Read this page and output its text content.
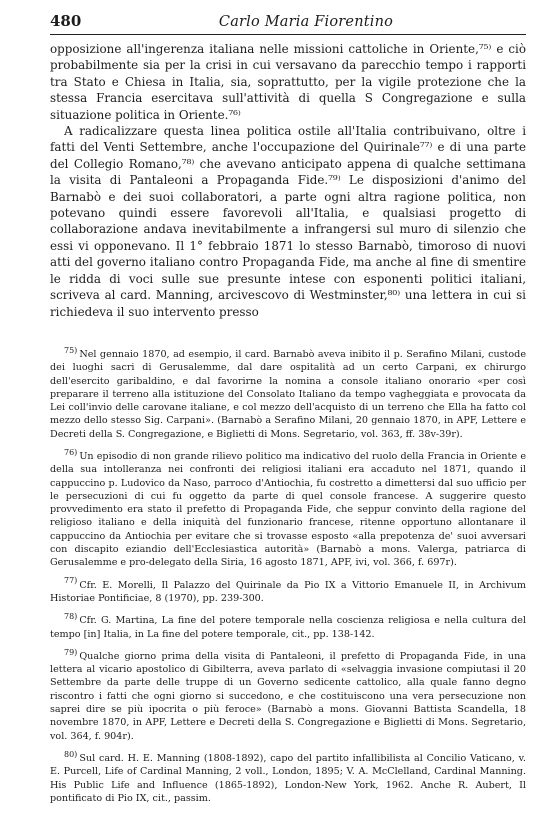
480	Carlo Maria Fiorentino

opposizione all'ingerenza italiana nelle missioni cattoliche in Oriente,⁷⁵⁾ e ciò probabilmente sia per la crisi in cui versavano da parecchio tempo i rapporti tra Stato e Chiesa in Italia, sia, soprattutto, per la vigile protezione che la stessa Francia esercitava sull'attività di quella S Congregazione e sulla situazione politica in Oriente.⁷⁶⁾

A radicalizzare questa linea politica ostile all'Italia contribuivano, oltre i fatti del Venti Settembre, anche l'occupazione del Quirinale⁷⁷⁾ e di una parte del Collegio Romano,⁷⁸⁾ che avevano anticipato appena di qualche settimana la visita di Pantaleoni a Propaganda Fide.⁷⁹⁾ Le disposizioni d'animo del Barnabò e dei suoi collaboratori, a parte ogni altra ragione politica, non potevano quindi essere favorevoli all'Italia, e qualsiasi progetto di collaborazione andava inevitabilmente a infrangersi sul muro di silenzio che essi vi opponevano. Il 1° febbraio 1871 lo stesso Barnabò, timoroso di nuovi atti del governo italiano contro Propaganda Fide, ma anche al fine di smentire le ridda di voci sulle sue presunte intese con esponenti politici italiani, scriveva al card. Manning, arcivescovo di Westminster,⁸⁰⁾ una lettera in cui si richiedeva il suo intervento presso

$^{75)}$ Nel gennaio 1870, ad esempio, il card. Barnabò aveva inibito il p. Serafino Milani, custode dei luoghi sacri di Gerusalemme, dal dare ospitalità ad un certo Carpani, ex chirurgo dell'esercito garibaldino, e dal favorirne la nomina a console italiano onorario «per così preparare il terreno alla istituzione del Consolato Italiano da tempo vagheggiata e provocata da Lei coll'invio delle carovane italiane, e col mezzo dell'acquisto di un terreno che Ella ha fatto col mezzo dello stesso Sig. Carpani». (Barnabò a Serafino Milani, 20 gennaio 1870, in APF, Lettere e Decreti della S. Congregazione, e Biglietti di Mons. Segretario, vol. 363, ff. 38v-39r).

$^{76)}$ Un episodio di non grande rilievo politico ma indicativo del ruolo della Francia in Oriente e della sua intolleranza nei confronti dei religiosi italiani era accaduto nel 1871, quando il cappuccino p. Ludovico da Naso, parroco d'Antiochia, fu costretto a dimettersi dal suo ufficio per le persecuzioni di cui fu oggetto da parte di quel console francese. A suggerire questo provvedimento era stato il prefetto di Propaganda Fide, che seppur convinto della ragione del religioso italiano e della iniquità del funzionario francese, ritenne opportuno allontanare il cappuccino da Antiochia per evitare che si trovasse esposto «alla prepotenza de' suoi avversari con discapito eziandio dell'Ecclesiastica autorità» (Barnabò a mons. Valerga, patriarca di Gerusalemme e pro-delegato della Siria, 16 agosto 1871, APF, ivi, vol. 366, f. 697r).

$^{77)}$ Cfr. E. Morelli, Il Palazzo del Quirinale da Pio IX a Vittorio Emanuele II, in Archivum Historiae Pontificiae, 8 (1970), pp. 239-300.

$^{78)}$ Cfr. G. Martina, La fine del potere temporale nella coscienza religiosa e nella cultura del tempo [in] Italia, in La fine del potere temporale, cit., pp. 138-142.

$^{79)}$ Qualche giorno prima della visita di Pantaleoni, il prefetto di Propaganda Fide, in una lettera al vicario apostolico di Gibilterra, aveva parlato di «selvaggia invasione compiutasi il 20 Settembre da parte delle truppe di un Governo sedicente cattolico, alla quale fanno degno riscontro i fatti che ogni giorno si succedono, e che costituiscono una vera persecuzione non saprei dire se più ipocrita o più feroce» (Barnabò a mons. Giovanni Battista Scandella, 18 novembre 1870, in APF, Lettere e Decreti della S. Congregazione e Biglietti di Mons. Segretario, vol. 364, f. 904r).

$^{80)}$ Sul card. H. E. Manning (1808-1892), capo del partito infallibilista al Concilio Vaticano, v. E. Purcell, Life of Cardinal Manning, 2 voll., London, 1895; V. A. McClelland, Cardinal Manning. His Public Life and Influence (1865-1892), London-New York, 1962. Anche R. Aubert, Il pontificato di Pio IX, cit., passim.
